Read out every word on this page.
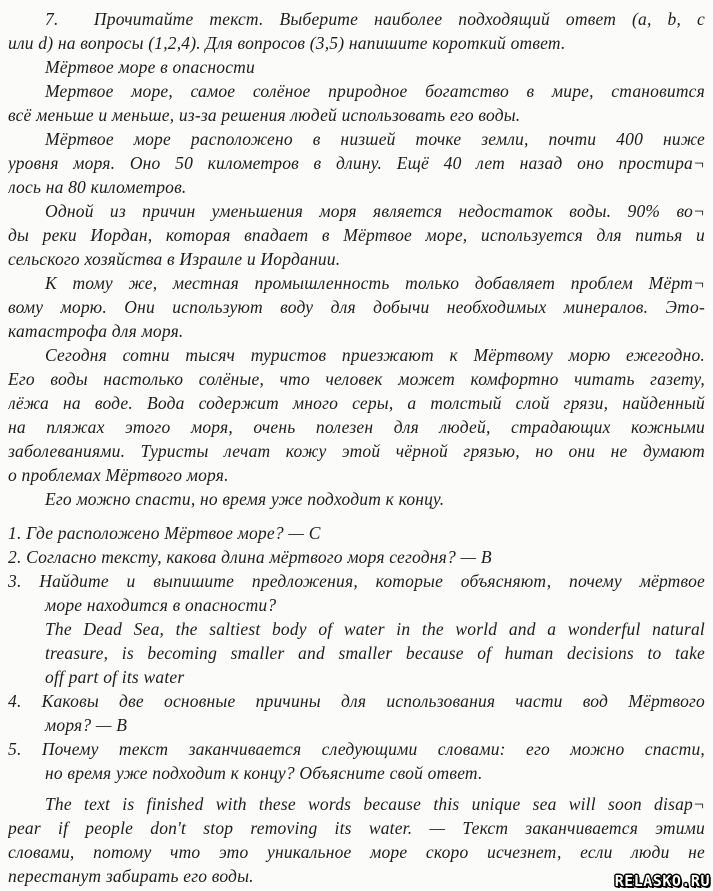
7.  Прочитайте текст. Выберите наиболее подходящий ответ (a, b, c
или d) на вопросы (1,2,4). Для вопросов (3,5) напишите короткий ответ.
Мёртвое море в опасности
Мертвое море, самое солёное природное богатство в мире, становится
всё меньше и меньше, из-за решения людей использовать его воды.
Мёртвое море расположено в низшей точке земли, почти 400 ниже
уровня моря. Оно 50 километров в длину. Ещё 40 лет назад оно простира¬
лось на 80 километров.
Одной из причин уменьшения моря является недостаток воды. 90% во¬
ды реки Иордан, которая впадает в Мёртвое море, используется для питья и
сельского хозяйства в Израиле и Иордании.
К тому же, местная промышленность только добавляет проблем Мёрт¬
вому морю. Они используют воду для добычи необходимых минералов. Это-
катастрофа для моря.
Сегодня сотни тысяч туристов приезжают к Мёртвому морю ежегодно.
Его воды настолько солёные, что человек может комфортно читать газету,
лёжа на воде. Вода содержит много серы, а толстый слой грязи, найденный
на пляжах этого моря, очень полезен для людей, страдающих кожными
заболеваниями. Туристы лечат кожу этой чёрной грязью, но они не думают
о проблемах Мёртвого моря.
Его можно спасти, но время уже подходит к концу.
1. Где расположено Мёртвое море? — С
2. Согласно тексту, какова длина мёртвого моря сегодня? — В
3. Найдите и выпишите предложения, которые объясняют, почему мёртвое
море находится в опасности?
The Dead Sea, the saltiest body of water in the world and a wonderful natural
treasure, is becoming smaller and smaller because of human decisions to take
off part of its water
4. Каковы две основные причины для использования части вод Мёртвого
моря? — В
5. Почему текст заканчивается следующими словами: его можно спасти,
но время уже подходит к концу? Объясните свой ответ.
The text is finished with these words because this unique sea will soon disap¬
pear if people don't stop removing its water. — Текст заканчивается этими
словами, потому что это уникальное море скоро исчезнет, если люди не
перестанут забирать его воды.	RELASKO.RU
